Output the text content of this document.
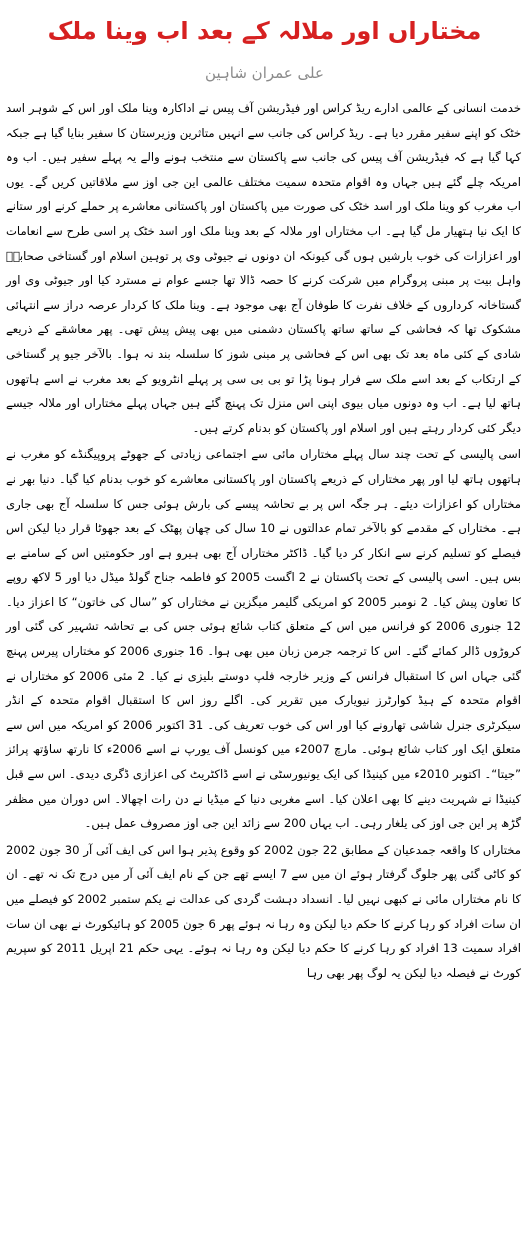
مختاراں اور ملالہ کے بعد اب وینا ملک
علی عمران شاہین

خدمت انسانی کے عالمی ادارے ریڈ کراس اور فیڈریشن آف پیس نے اداکارہ وینا ملک اور اس کے شوہر اسد خٹک کو اپنے سفیر مقرر دیا ہے۔ ریڈ کراس کی جانب سے انہیں متاثرین وزیرستان کا سفیر بنایا گیا ہے جبکہ کہا گیا ہے کہ فیڈریشن آف پیس کی جانب سے پاکستان سے منتخب ہونے والے یہ پہلے سفیر ہیں۔ اب وہ امریکہ چلے گئے ہیں جہاں وہ اقوام متحدہ سمیت مختلف عالمی این جی اوز سے ملاقاتیں کریں گے۔ یوں اب مغرب کو وینا ملک اور اسد خٹک کی صورت میں پاکستان اور پاکستانی معاشرے پر حملے کرنے اور ستانے کا ایک نیا ہتھیار مل گیا ہے۔ اب مختاراں اور ملالہ کے بعد وینا ملک اور اسد خٹک پر اسی طرح سے انعامات اور اعزازات کی خوب بارشیں ہوں گی کیونکہ ان دونوں نے جیوٹی وی پر توہین اسلام اور گستاخی صحابہؓ واہل بیت پر مبنی پروگرام میں شرکت کرنے کا حصہ ڈالا تھا جسے عوام نے مسترد کیا اور جیوٹی وی اور گستاخانہ کرداروں کے خلاف نفرت کا طوفان آج بھی موجود ہے۔ وینا ملک کا کردار عرصہ دراز سے انتہائی مشکوک تھا کہ فحاشی کے ساتھ ساتھ پاکستان دشمنی میں بھی پیش پیش تھی۔ پھر معاشقے کے ذریعے شادی کے کئی ماہ بعد تک بھی اس کے فحاشی پر مبنی شوز کا سلسلہ بند نہ ہوا۔ بالآخر جیو پر گستاخی کے ارتکاب کے بعد اسے ملک سے فرار ہونا پڑا تو بی بی سی پر پہلے انٹرویو کے بعد مغرب نے اسے ہاتھوں ہاتھ لیا ہے۔ اب وہ دونوں میاں بیوی اپنی اس منزل تک پہنچ گئے ہیں جہاں پہلے مختاراں اور ملالہ جیسے دیگر کئی کردار رہتے ہیں اور اسلام اور پاکستان کو بدنام کرتے ہیں۔

اسی پالیسی کے تحت چند سال پہلے مختاراں مائی سے اجتماعی زیادتی کے جھوٹے پروپیگنڈے کو مغرب نے ہاتھوں ہاتھ لیا اور پھر مختاراں کے ذریعے پاکستان اور پاکستانی معاشرے کو خوب بدنام کیا گیا۔ دنیا بھر نے مختاراں کو اعزازات دیئے۔ ہر جگہ اس پر بے تحاشہ پیسے کی بارش ہوئی جس کا سلسلہ آج بھی جاری ہے۔ مختاراں کے مقدمے کو بالآخر تمام عدالتوں نے 10 سال کی چھان پھٹک کے بعد جھوٹا قرار دیا لیکن اس فیصلے کو تسلیم کرنے سے انکار کر دیا گیا۔ ڈاکٹر مختاراں آج بھی ہیرو ہے اور حکومتیں اس کے سامنے بے بس ہیں۔ اسی پالیسی کے تحت پاکستان نے 2 اگست 2005 کو فاطمہ جناح گولڈ میڈل دیا اور 5 لاکھ روپے کا تعاون پیش کیا۔ 2 نومبر 2005 کو امریکی گلیمر میگزین نے مختاراں کو ”سال کی خاتون“ کا اعزاز دیا۔ 12 جنوری 2006 کو فرانس میں اس کے متعلق کتاب شائع ہوئی جس کی بے تحاشہ تشہیر کی گئی اور کروڑوں ڈالر کمائے گئے۔ اس کا ترجمہ جرمن زبان میں بھی ہوا۔ 16 جنوری 2006 کو مختاراں پیرس پہنچ گئی جہاں اس کا استقبال فرانس کے وزیر خارجہ فلپ دوستے بلیزی نے کیا۔ 2 مئی 2006 کو مختاراں نے اقوام متحدہ کے ہیڈ کوارٹرز نیویارک میں تقریر کی۔ اگلے روز اس کا استقبال اقوام متحدہ کے انڈر سیکرٹری جنرل شاشی تھارونے کیا اور اس کی خوب تعریف کی۔ 31 اکتوبر 2006 کو امریکہ میں اس سے متعلق ایک اور کتاب شائع ہوئی۔ مارچ 2007ء میں کونسل آف یورپ نے اسے 2006ء کا نارتھ ساؤتھ پرائز ”جیتا“۔ اکتوبر 2010ء میں کینیڈا کی ایک یونیورسٹی نے اسے ڈاکٹریٹ کی اعزازی ڈگری دیدی۔ اس سے قبل کینیڈا نے شہریت دینے کا بھی اعلان کیا۔ اسے مغربی دنیا کے میڈیا نے دن رات اچھالا۔ اس دوران میں مظفر گڑھ پر این جی اوز کی یلغار رہی۔ اب یہاں 200 سے زائد این جی اوز مصروف عمل ہیں۔

مختاراں کا واقعہ جمدعیان کے مطابق 22 جون 2002 کو وقوع پذیر ہوا اس کی ایف آئی آر 30 جون 2002 کو کاٹی گئی پھر جلوگ گرفتار ہوئے ان میں سے 7 ایسے تھے جن کے نام ایف آئی آر میں درج تک نہ تھے۔ ان کا نام مختاراں مائی نے کبھی نہیں لیا۔ انسداد دہشت گردی کی عدالت نے یکم ستمبر 2002 کو فیصلے میں ان سات افراد کو رہا کرنے کا حکم دیا لیکن وہ رہا نہ ہوئے پھر 6 جون 2005 کو ہائیکورٹ نے بھی ان سات افراد سمیت 13 افراد کو رہا کرنے کا حکم دیا لیکن وہ رہا نہ ہوئے۔ یہی حکم 21 اپریل 2011 کو سپریم کورٹ نے فیصلہ دیا لیکن یہ لوگ پھر بھی رہا
